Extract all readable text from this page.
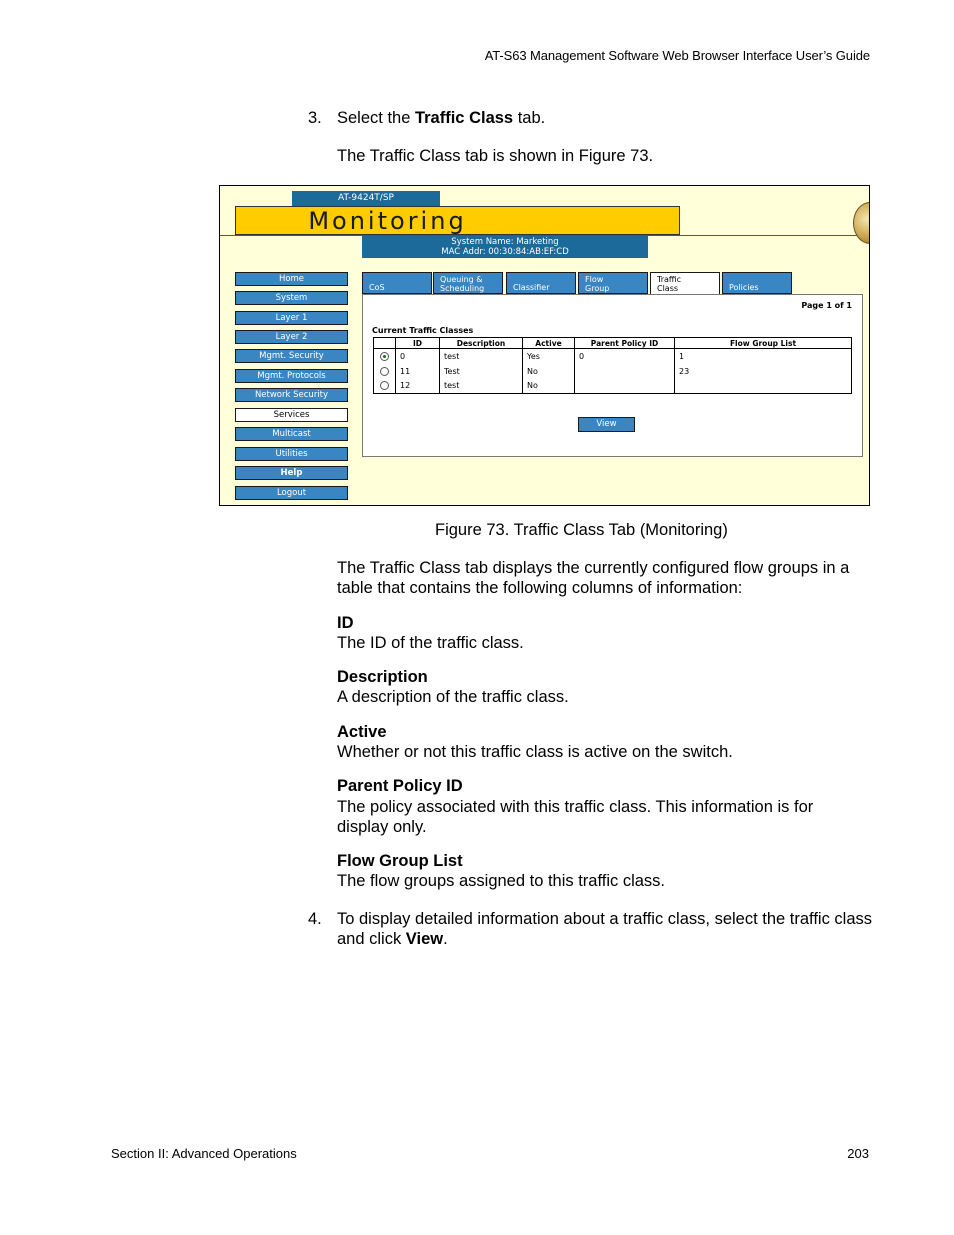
AT-S63 Management Software Web Browser Interface User’s Guide
3. Select the Traffic Class tab.
The Traffic Class tab is shown in Figure 73.
AT-9424T/SP
Monitoring
System Name: Marketing
MAC Addr: 00:30:84:AB:EF:CD
Home
System
Layer 1
Layer 2
Mgmt. Security
Mgmt. Protocols
Network Security
Services
Multicast
Utilities
Help
Logout
CoS
Queuing &
Scheduling	Classifier
Flow
Group
Traffic
Class	Policies
Page 1 of 1
Current Traffic Classes
	ID	Description	Active	Parent Policy ID	Flow Group List
	0	test	Yes	0	1
	11	Test	No		23
	12	test	No		
View
Figure 73. Traffic Class Tab (Monitoring)
The Traffic Class tab displays the currently configured flow groups in a table that contains the following columns of information:
ID
The ID of the traffic class.
Description
A description of the traffic class.
Active
Whether or not this traffic class is active on the switch.
Parent Policy ID
The policy associated with this traffic class. This information is for display only.
Flow Group List
The flow groups assigned to this traffic class.
4. To display detailed information about a traffic class, select the traffic class and click View.
Section II: Advanced Operations	203
